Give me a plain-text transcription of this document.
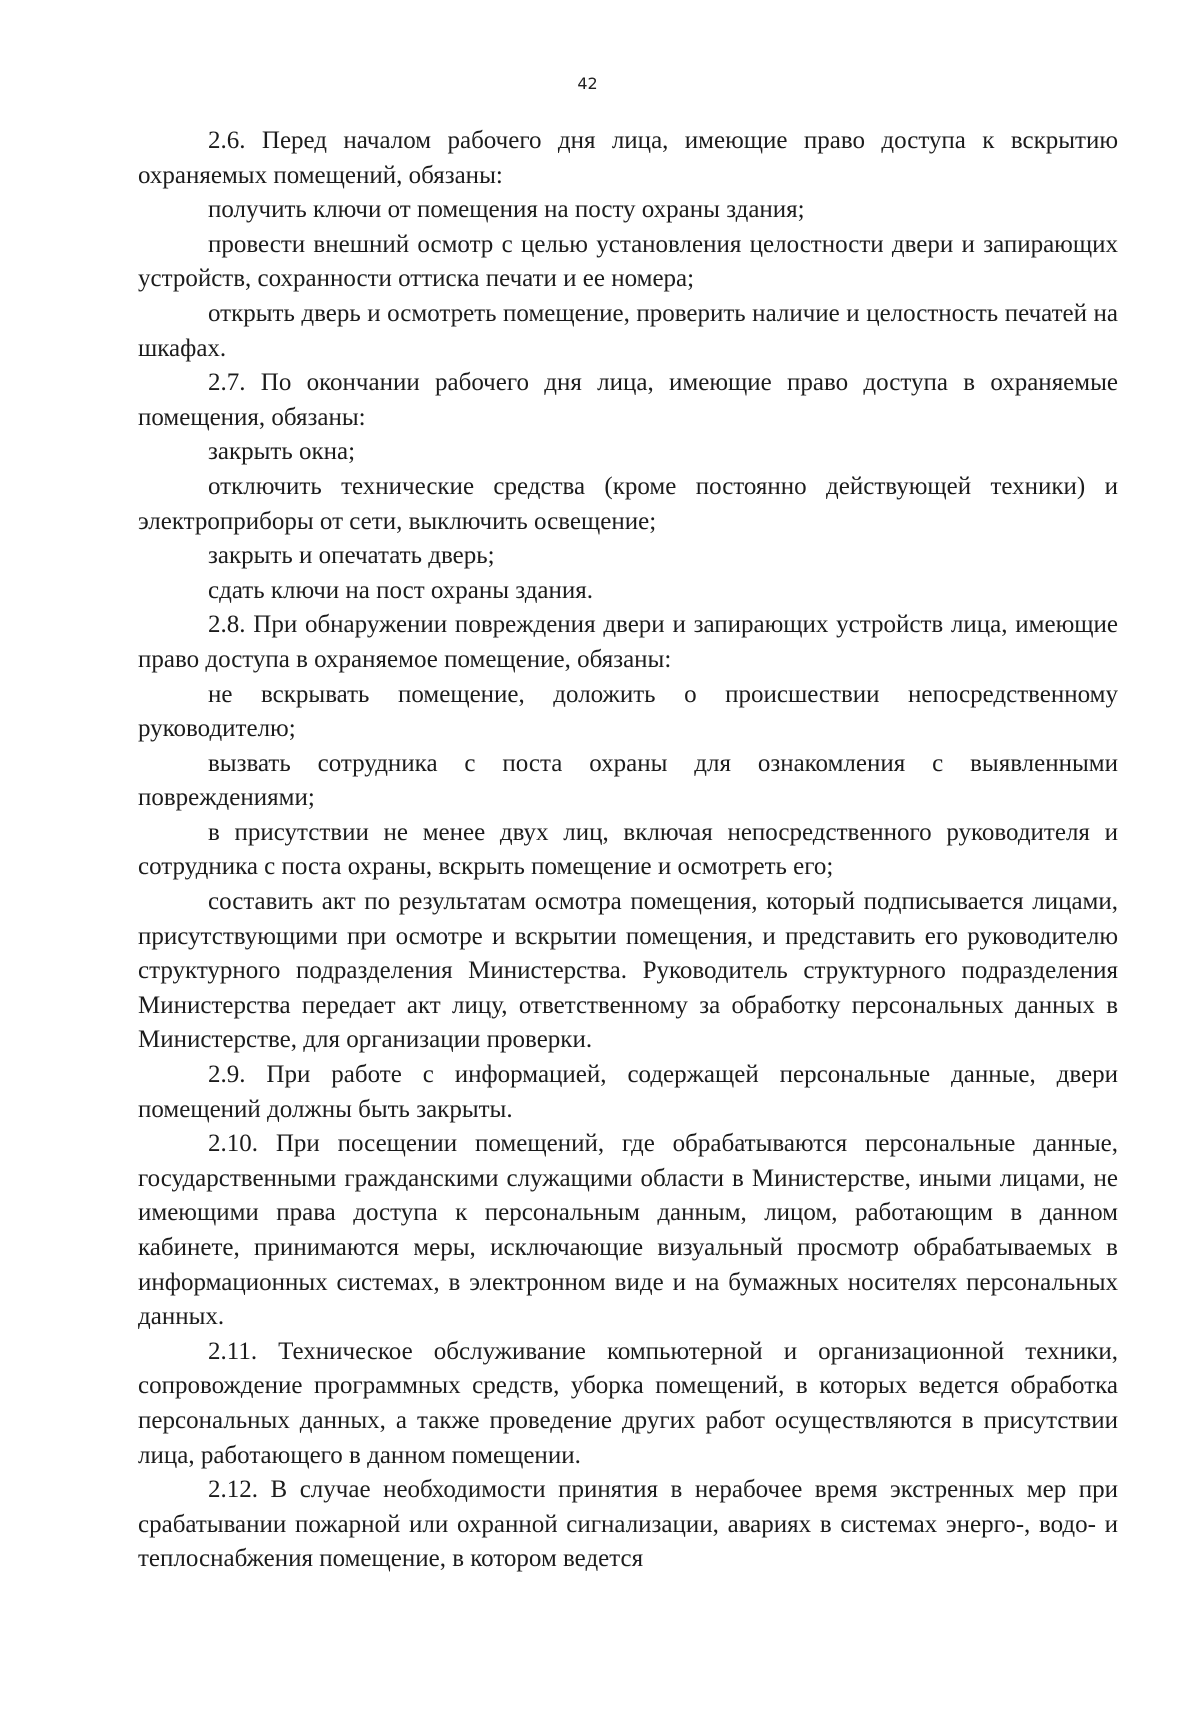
42

2.6. Перед началом рабочего дня лица, имеющие право доступа к вскрытию охраняемых помещений, обязаны:

получить ключи от помещения на посту охраны здания;

провести внешний осмотр с целью установления целостности двери и запирающих устройств, сохранности оттиска печати и ее номера;

открыть дверь и осмотреть помещение, проверить наличие и целостность печатей на шкафах.

2.7. По окончании рабочего дня лица, имеющие право доступа в охраняемые помещения, обязаны:

закрыть окна;

отключить технические средства (кроме постоянно действующей техники) и электроприборы от сети, выключить освещение;

закрыть и опечатать дверь;

сдать ключи на пост охраны здания.

2.8. При обнаружении повреждения двери и запирающих устройств лица, имеющие право доступа в охраняемое помещение, обязаны:

не вскрывать помещение, доложить о происшествии непосредственному руководителю;

вызвать сотрудника с поста охраны для ознакомления с выявленными повреждениями;

в присутствии не менее двух лиц, включая непосредственного руководителя и сотрудника с поста охраны, вскрыть помещение и осмотреть его;

составить акт по результатам осмотра помещения, который подписывается лицами, присутствующими при осмотре и вскрытии помещения, и представить его руководителю структурного подразделения Министерства. Руководитель структурного подразделения Министерства передает акт лицу, ответственному за обработку персональных данных в Министерстве, для организации проверки.

2.9. При работе с информацией, содержащей персональные данные, двери помещений должны быть закрыты.

2.10. При посещении помещений, где обрабатываются персональные данные, государственными гражданскими служащими области в Министерстве, иными лицами, не имеющими права доступа к персональным данным, лицом, работающим в данном кабинете, принимаются меры, исключающие визуальный просмотр обрабатываемых в информационных системах, в электронном виде и на бумажных носителях персональных данных.

2.11. Техническое обслуживание компьютерной и организационной техники, сопровождение программных средств, уборка помещений, в которых ведется обработка персональных данных, а также проведение других работ осуществляются в присутствии лица, работающего в данном помещении.

2.12. В случае необходимости принятия в нерабочее время экстренных мер при срабатывании пожарной или охранной сигнализации, авариях в системах энерго-, водо- и теплоснабжения помещение, в котором ведется
